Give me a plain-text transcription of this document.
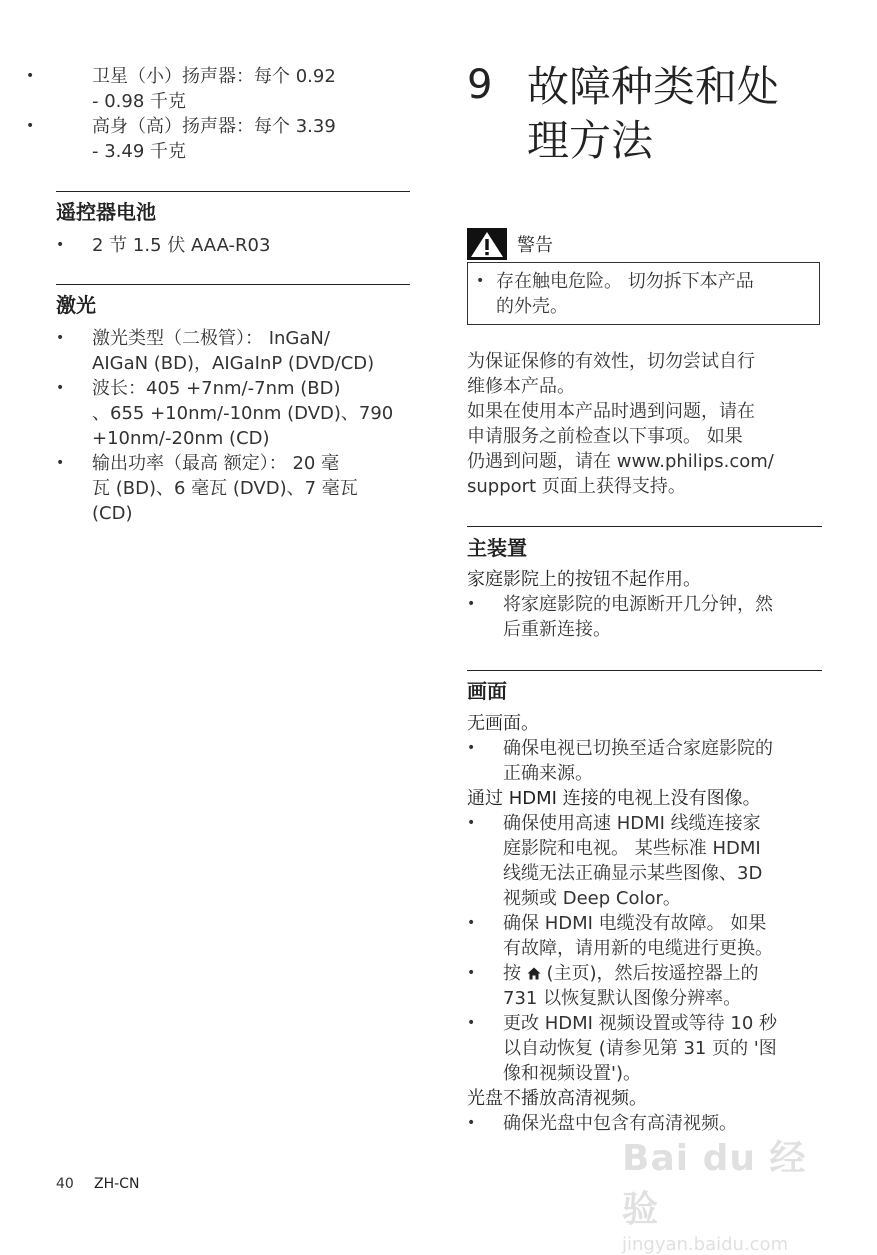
• 卫星（小）扬声器：每个 0.92
- 0.98 千克
• 高身（高）扬声器：每个 3.39
- 3.49 千克
遥控器电池
• 2 节 1.5 伏 AAA-R03
激光
• 激光类型（二极管）： InGaN/
AIGaN (BD)，AIGaInP (DVD/CD)
• 波长：405 +7nm/-7nm (BD)
、655 +10nm/-10nm (DVD)、790
+10nm/-20nm (CD)
• 输出功率（最高 额定）： 20 毫
瓦 (BD)、6 毫瓦 (DVD)、7 毫瓦
(CD)
9 故障种类和处
理方法
警告
• 存在触电危险。 切勿拆下本产品
的外壳。

为保证保修的有效性，切勿尝试自行

维修本产品。

如果在使用本产品时遇到问题，请在

申请服务之前检查以下事项。 如果

仍遇到问题，请在 www.philips.com/

support 页面上获得支持。

主装置

家庭影院上的按钮不起作用。

• 将家庭影院的电源断开几分钟，然
后重新连接。
画面

无画面。

• 确保电视已切换至适合家庭影院的
正确来源。

通过 HDMI 连接的电视上没有图像。

• 确保使用高速 HDMI 线缆连接家
庭影院和电视。 某些标准 HDMI
线缆无法正确显示某些图像、3D
视频或 Deep Color。
• 确保 HDMI 电缆没有故障。 如果
有故障，请用新的电缆进行更换。
• 按 (主页)，然后按遥控器上的
731 以恢复默认图像分辨率。
• 更改 HDMI 视频设置或等待 10 秒
以自动恢复 (请参见第 31 页的 '图
像和视频设置')。

光盘不播放高清视频。

• 确保光盘中包含有高清视频。
40 ZH-CN
Bai du 经验
jingyan.baidu.com
